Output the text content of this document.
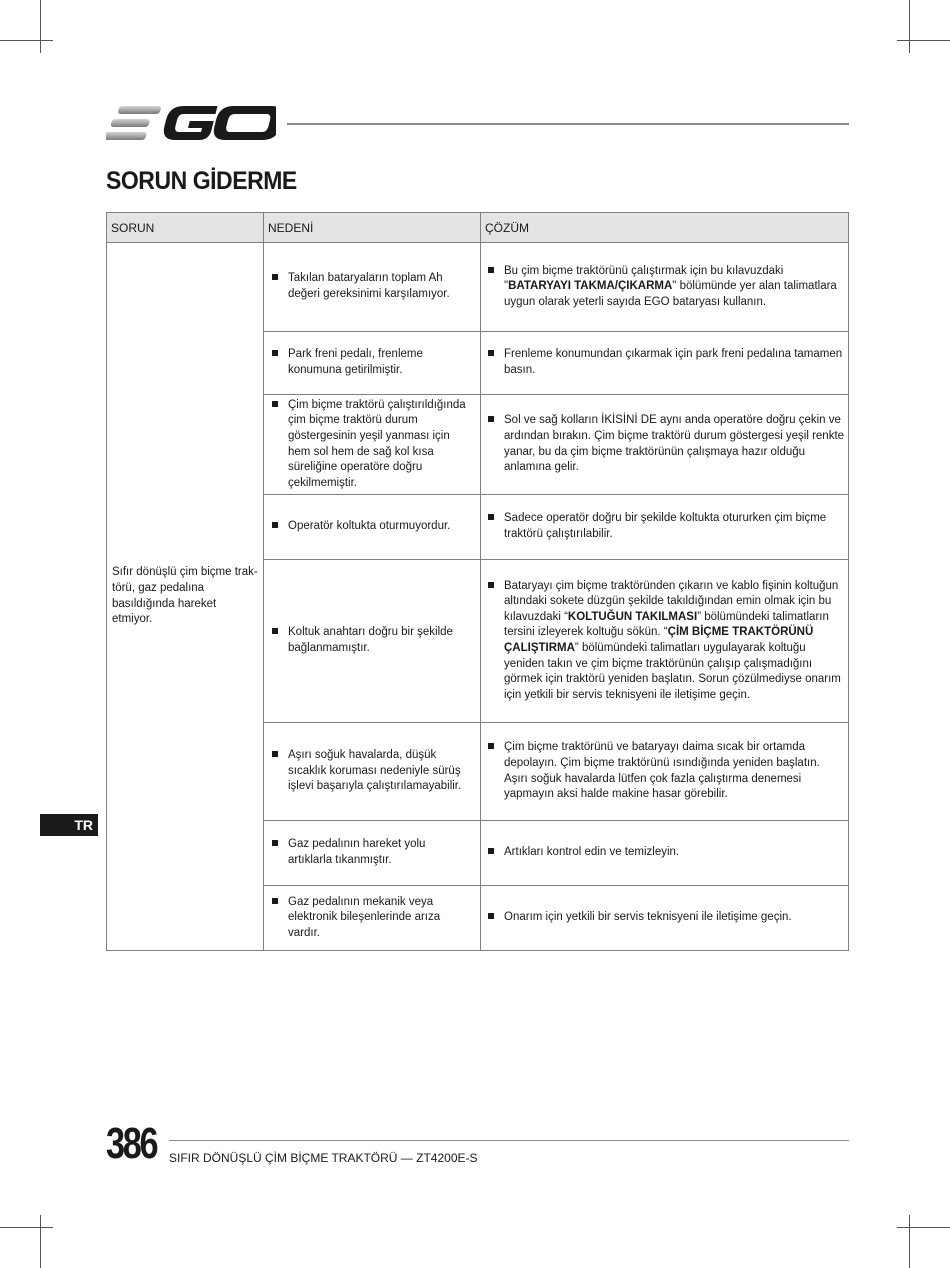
SORUN GİDERME
SORUN	NEDENİ	ÇÖZÜM
Sıfır dönüşlü çim biçme traktörü, gaz pedalına basıldığında hareket etmiyor.	Takılan bataryaların toplam Ah değeri gereksinimi karşılamıyor.	Bu çim biçme traktörünü çalıştırmak için bu kılavuzdaki "BATARYAYI TAKMA/ÇIKARMA" bölümünde yer alan talimatlara uygun olarak yeterli sayıda EGO bataryası kullanın.

	Park freni pedalı, frenleme konumuna getirilmiştir.	Frenleme konumundan çıkarmak için park freni pedalına tamamen basın.

	Çim biçme traktörü çalıştırıldığında çim biçme traktörü durum göstergesinin yeşil yanması için hem sol hem de sağ kol kısa süreliğine operatöre doğru çekilmemiştir.	Sol ve sağ kolların İKİSİNİ DE aynı anda operatöre doğru çekin ve ardından bırakın. Çim biçme traktörü durum göstergesi yeşil renkte yanar, bu da çim biçme traktörünün çalışmaya hazır olduğu anlamına gelir.

	Operatör koltukta oturmuyordur.	Sadece operatör doğru bir şekilde koltukta otururken çim biçme traktörü çalıştırılabilir.

	Koltuk anahtarı doğru bir şekilde bağlanmamıştır.	Bataryayı çim biçme traktöründen çıkarın ve kablo fişinin koltuğun altındaki sokete düzgün şekilde takıldığından emin olmak için bu kılavuzdaki “KOLTUĞUN TAKILMASI” bölümündeki talimatların tersini izleyerek koltuğu sökün. “ÇİM BİÇME TRAKTÖRÜNÜ ÇALIŞTIRMA” bölümündeki talimatları uygulayarak koltuğu yeniden takın ve çim biçme traktörünün çalışıp çalışmadığını görmek için traktörü yeniden başlatın. Sorun çözülmediyse onarım için yetkili bir servis teknisyeni ile iletişime geçin.

	Aşırı soğuk havalarda, düşük sıcaklık koruması nedeniyle sürüş işlevi başarıyla çalıştırılamayabilir.	Çim biçme traktörünü ve bataryayı daima sıcak bir ortamda depolayın. Çim biçme traktörünü ısındığında yeniden başlatın. Aşırı soğuk havalarda lütfen çok fazla çalıştırma denemesi yapmayın aksi halde makine hasar görebilir.

	Gaz pedalının hareket yolu artıklarla tıkanmıştır.	Artıkları kontrol edin ve temizleyin.

	Gaz pedalının mekanik veya elektronik bileşenlerinde arıza vardır.	Onarım için yetkili bir servis teknisyeni ile iletişime geçin.
TR
386 SIFIR DÖNÜŞLÜ ÇİM BİÇME TRAKTÖRÜ — ZT4200E-S
